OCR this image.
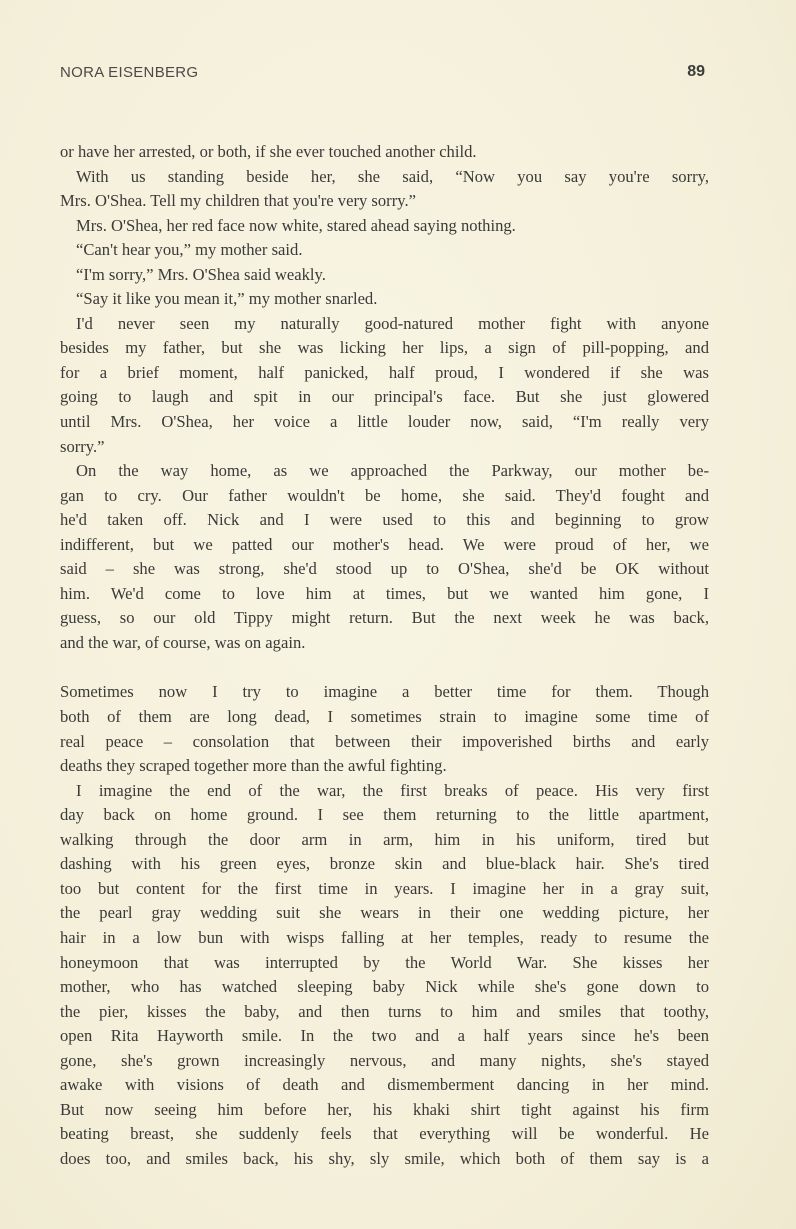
NORA EISENBERG	89
or have her arrested, or both, if she ever touched another child.
With us standing beside her, she said, “Now you say you're sorry,
Mrs. O'Shea. Tell my children that you're very sorry.”
Mrs. O'Shea, her red face now white, stared ahead saying nothing.
“Can't hear you,” my mother said.
“I'm sorry,” Mrs. O'Shea said weakly.
“Say it like you mean it,” my mother snarled.
I'd never seen my naturally good-natured mother fight with anyone
besides my father, but she was licking her lips, a sign of pill-popping, and
for a brief moment, half panicked, half proud, I wondered if she was
going to laugh and spit in our principal's face. But she just glowered
until Mrs. O'Shea, her voice a little louder now, said, “I'm really very
sorry.”
On the way home, as we approached the Parkway, our mother be-
gan to cry. Our father wouldn't be home, she said. They'd fought and
he'd taken off. Nick and I were used to this and beginning to grow
indifferent, but we patted our mother's head. We were proud of her, we
said – she was strong, she'd stood up to O'Shea, she'd be OK without
him. We'd come to love him at times, but we wanted him gone, I
guess, so our old Tippy might return. But the next week he was back,
and the war, of course, was on again.
Sometimes now I try to imagine a better time for them. Though
both of them are long dead, I sometimes strain to imagine some time of
real peace – consolation that between their impoverished births and early
deaths they scraped together more than the awful fighting.
I imagine the end of the war, the first breaks of peace. His very first
day back on home ground. I see them returning to the little apartment,
walking through the door arm in arm, him in his uniform, tired but
dashing with his green eyes, bronze skin and blue-black hair. She's tired
too but content for the first time in years. I imagine her in a gray suit,
the pearl gray wedding suit she wears in their one wedding picture, her
hair in a low bun with wisps falling at her temples, ready to resume the
honeymoon that was interrupted by the World War. She kisses her
mother, who has watched sleeping baby Nick while she's gone down to
the pier, kisses the baby, and then turns to him and smiles that toothy,
open Rita Hayworth smile. In the two and a half years since he's been
gone, she's grown increasingly nervous, and many nights, she's stayed
awake with visions of death and dismemberment dancing in her mind.
But now seeing him before her, his khaki shirt tight against his firm
beating breast, she suddenly feels that everything will be wonderful. He
does too, and smiles back, his shy, sly smile, which both of them say is a
